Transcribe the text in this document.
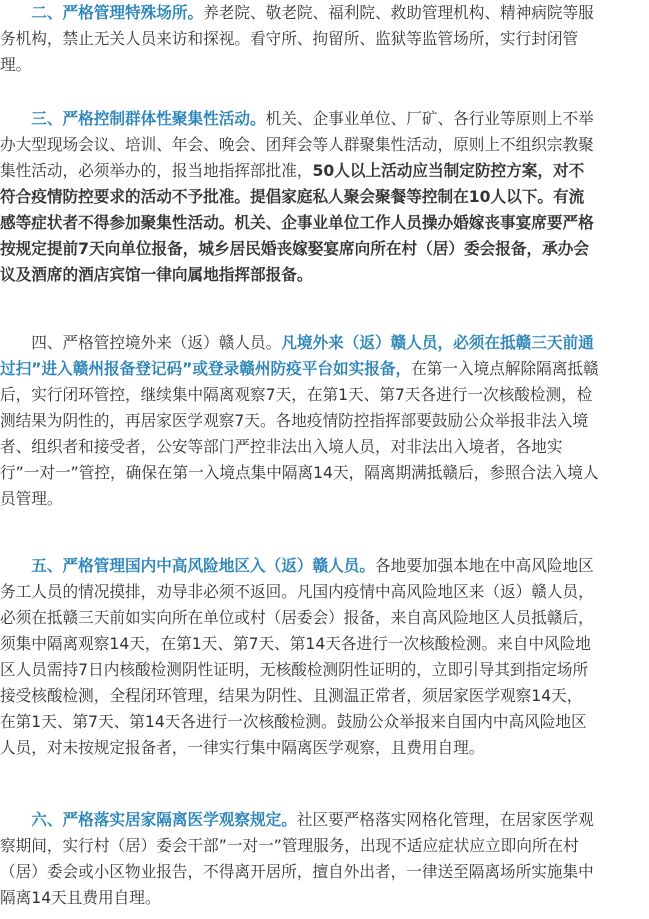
　　二、严格管理特殊场所。养老院、敬老院、福利院、救助管理机构、精神病院等服
务机构，禁止无关人员来访和探视。看守所、拘留所、监狱等监管场所，实行封闭管
理。
　　三、严格控制群体性聚集性活动。机关、企事业单位、厂矿、各行业等原则上不举
办大型现场会议、培训、年会、晚会、团拜会等人群聚集性活动，原则上不组织宗教聚
集性活动，必须举办的，报当地指挥部批准，50人以上活动应当制定防控方案，对不
符合疫情防控要求的活动不予批准。提倡家庭私人聚会聚餐等控制在10人以下。有流
感等症状者不得参加聚集性活动。机关、企事业单位工作人员操办婚嫁丧事宴席要严格
按规定提前7天向单位报备，城乡居民婚丧嫁娶宴席向所在村（居）委会报备，承办会
议及酒席的酒店宾馆一律向属地指挥部报备。
　　四、严格管控境外来（返）赣人员。凡境外来（返）赣人员，必须在抵赣三天前通
过扫”进入赣州报备登记码”或登录赣州防疫平台如实报备，在第一入境点解除隔离抵赣
后，实行闭环管控，继续集中隔离观察7天，在第1天、第7天各进行一次核酸检测，检
测结果为阴性的，再居家医学观察7天。各地疫情防控指挥部要鼓励公众举报非法入境
者、组织者和接受者，公安等部门严控非法出入境人员，对非法出入境者，各地实
行”一对一”管控，确保在第一入境点集中隔离14天，隔离期满抵赣后，参照合法入境人
员管理。
　　五、严格管理国内中高风险地区入（返）赣人员。各地要加强本地在中高风险地区
务工人员的情况摸排，劝导非必须不返回。凡国内疫情中高风险地区来（返）赣人员，
必须在抵赣三天前如实向所在单位或村（居委会）报备，来自高风险地区人员抵赣后，
须集中隔离观察14天，在第1天、第7天、第14天各进行一次核酸检测。来自中风险地
区人员需持7日内核酸检测阴性证明，无核酸检测阴性证明的，立即引导其到指定场所
接受核酸检测，全程闭环管理，结果为阴性、且测温正常者，须居家医学观察14天，
在第1天、第7天、第14天各进行一次核酸检测。鼓励公众举报来自国内中高风险地区
人员，对未按规定报备者，一律实行集中隔离医学观察，且费用自理。
　　六、严格落实居家隔离医学观察规定。社区要严格落实网格化管理，在居家医学观
察期间，实行村（居）委会干部”一对一”管理服务，出现不适应症状应立即向所在村
（居）委会或小区物业报告，不得离开居所，擅自外出者，一律送至隔离场所实施集中
隔离14天且费用自理。
